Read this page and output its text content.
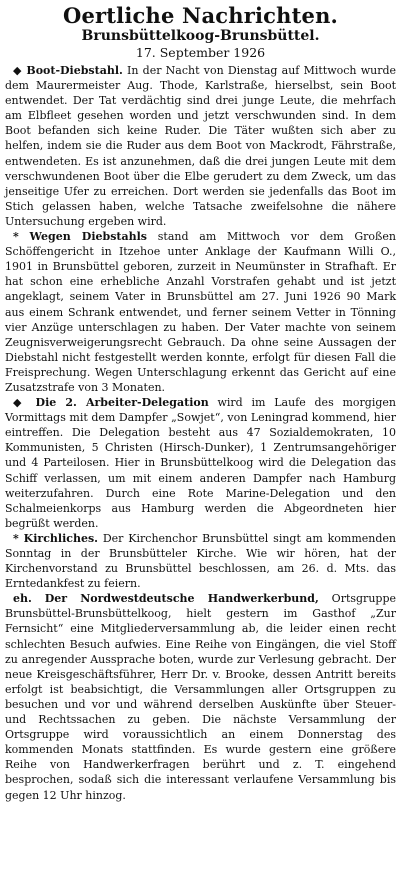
Oertliche Nachrichten.
Brunsbüttelkoog-Brunsbüttel.

17. September 1926

◆ Boot-Diebstahl. In der Nacht von Dienstag auf Mittwoch wurde dem Maurermeister Aug. Thode, Karlstraße, hierselbst, sein Boot entwendet. Der Tat verdächtig sind drei junge Leute, die mehrfach am Elbfleet gesehen worden und jetzt verschwunden sind. In dem Boot befanden sich keine Ruder. Die Täter wußten sich aber zu helfen, indem sie die Ruder aus dem Boot von Mackrodt, Fährstraße, entwendeten. Es ist anzunehmen, daß die drei jungen Leute mit dem verschwundenen Boot über die Elbe gerudert zu dem Zweck, um das jenseitige Ufer zu erreichen. Dort werden sie jedenfalls das Boot im Stich gelassen haben, welche Tatsache zweifelsohne die nähere Untersuchung ergeben wird.

* Wegen Diebstahls stand am Mittwoch vor dem Großen Schöffengericht in Itzehoe unter Anklage der Kaufmann Willi O., 1901 in Brunsbüttel geboren, zurzeit in Neumünster in Strafhaft. Er hat schon eine erhebliche Anzahl Vorstrafen gehabt und ist jetzt angeklagt, seinem Vater in Brunsbüttel am 27. Juni 1926 90 Mark aus einem Schrank entwendet, und ferner seinem Vetter in Tönning vier Anzüge unterschlagen zu haben. Der Vater machte von seinem Zeugnisverweigerungsrecht Gebrauch. Da ohne seine Aussagen der Diebstahl nicht festgestellt werden konnte, erfolgt für diesen Fall die Freisprechung. Wegen Unterschlagung erkennt das Gericht auf eine Zusatzstrafe von 3 Monaten.

◆ Die 2. Arbeiter-Delegation wird im Laufe des morgigen Vormittags mit dem Dampfer „Sowjet“, von Leningrad kommend, hier eintreffen. Die Delegation besteht aus 47 Sozialdemokraten, 10 Kommunisten, 5 Christen (Hirsch-Dunker), 1 Zentrumsangehöriger und 4 Parteilosen. Hier in Brunsbüttelkoog wird die Delegation das Schiff verlassen, um mit einem anderen Dampfer nach Hamburg weiterzufahren. Durch eine Rote Marine-Delegation und den Schalmeienkorps aus Hamburg werden die Abgeordneten hier begrüßt werden.

* Kirchliches. Der Kirchenchor Brunsbüttel singt am kommenden Sonntag in der Brunsbütteler Kirche. Wie wir hören, hat der Kirchenvorstand zu Brunsbüttel beschlossen, am 26. d. Mts. das Erntedankfest zu feiern.

eh. Der Nordwestdeutsche Handwerkerbund, Ortsgruppe Brunsbüttel-Brunsbüttelkoog, hielt gestern im Gasthof „Zur Fernsicht“ eine Mitgliederversammlung ab, die leider einen recht schlechten Besuch aufwies. Eine Reihe von Eingängen, die viel Stoff zu anregender Aussprache boten, wurde zur Verlesung gebracht. Der neue Kreisgeschäftsführer, Herr Dr. v. Brooke, dessen Antritt bereits erfolgt ist beabsichtigt, die Versammlungen aller Ortsgruppen zu besuchen und vor und während derselben Auskünfte über Steuer- und Rechtssachen zu geben. Die nächste Versammlung der Ortsgruppe wird voraussichtlich an einem Donnerstag des kommenden Monats stattfinden. Es wurde gestern eine größere Reihe von Handwerkerfragen berührt und z. T. eingehend besprochen, sodaß sich die interessant verlaufene Versammlung bis gegen 12 Uhr hinzog.
